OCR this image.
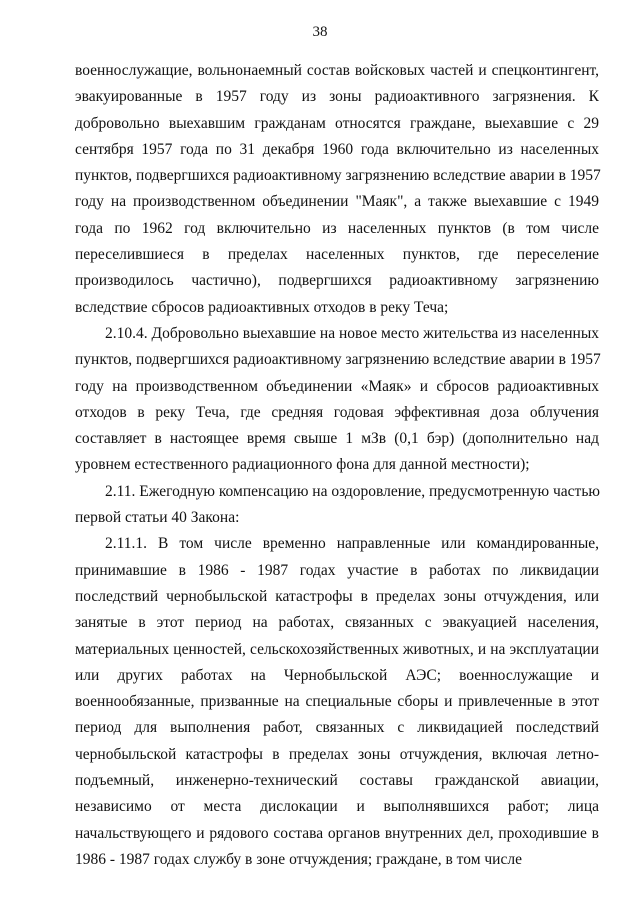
38

военнослужащие, вольнонаемный состав войсковых частей и спецконтингент,
эвакуированные в 1957 году из зоны радиоактивного загрязнения. К
добровольно выехавшим гражданам относятся граждане, выехавшие с 29
сентября 1957 года по 31 декабря 1960 года включительно из населенных
пунктов, подвергшихся радиоактивному загрязнению вследствие аварии в 1957
году на производственном объединении "Маяк", а также выехавшие с 1949
года по 1962 год включительно из населенных пунктов (в том числе
переселившиеся в пределах населенных пунктов, где переселение
производилось частично), подвергшихся радиоактивному загрязнению
вследствие сбросов радиоактивных отходов в реку Теча;

2.10.4. Добровольно выехавшие на новое место жительства из населенных
пунктов, подвергшихся радиоактивному загрязнению вследствие аварии в 1957
году на производственном объединении «Маяк» и сбросов радиоактивных
отходов в реку Теча, где средняя годовая эффективная доза облучения
составляет в настоящее время свыше 1 мЗв (0,1 бэр) (дополнительно над
уровнем естественного радиационного фона для данной местности);

2.11. Ежегодную компенсацию на оздоровление, предусмотренную частью
первой статьи 40 Закона:

2.11.1. В том числе временно направленные или командированные,
принимавшие в 1986 - 1987 годах участие в работах по ликвидации
последствий чернобыльской катастрофы в пределах зоны отчуждения, или
занятые в этот период на работах, связанных с эвакуацией населения,
материальных ценностей, сельскохозяйственных животных, и на эксплуатации
или других работах на Чернобыльской АЭС; военнослужащие и
военнообязанные, призванные на специальные сборы и привлеченные в этот
период для выполнения работ, связанных с ликвидацией последствий
чернобыльской катастрофы в пределах зоны отчуждения, включая летно-
подъемный, инженерно-технический составы гражданской авиации,
независимо от места дислокации и выполнявшихся работ; лица
начальствующего и рядового состава органов внутренних дел, проходившие в
1986 - 1987 годах службу в зоне отчуждения; граждане, в том числе
